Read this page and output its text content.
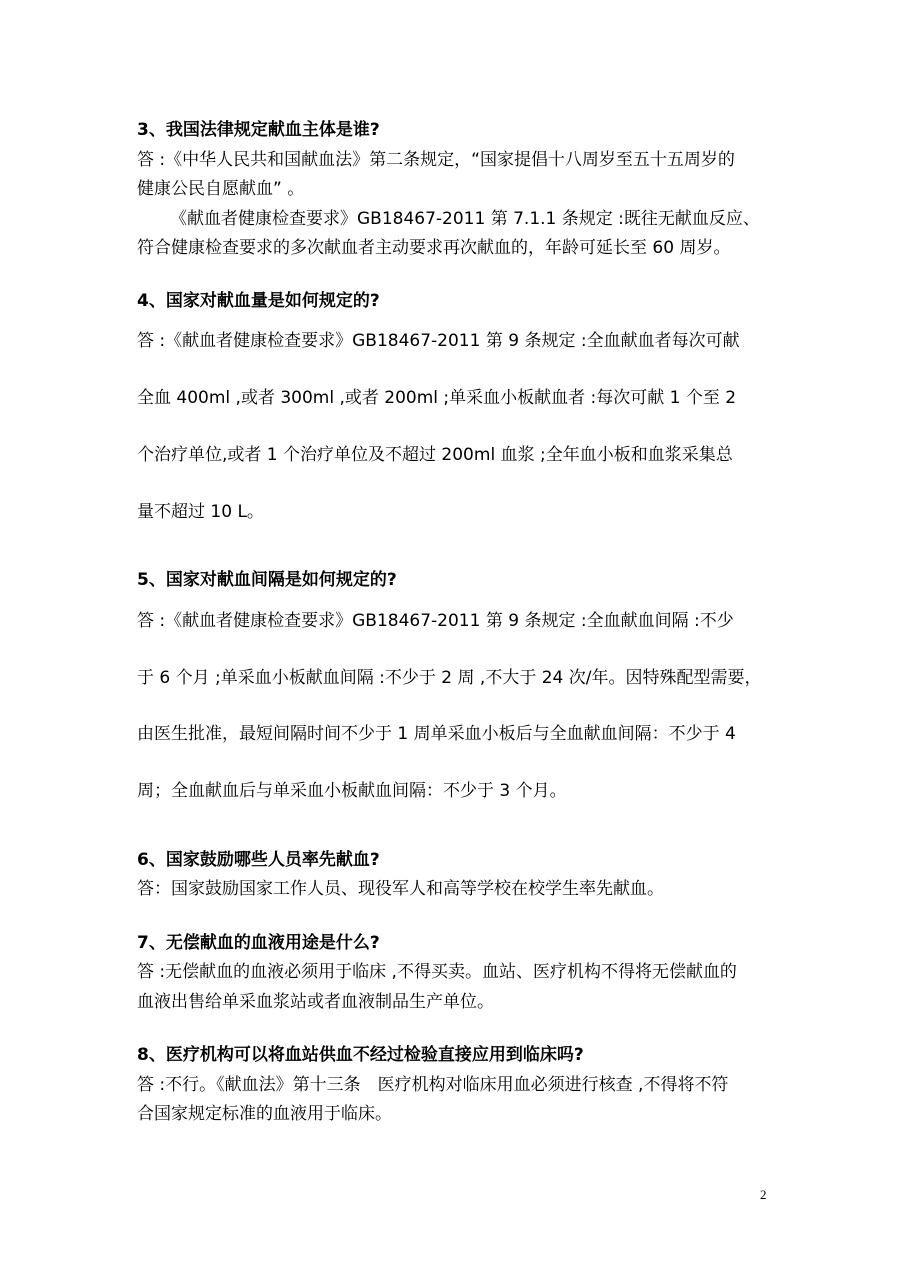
3、我国法律规定献血主体是谁?
答 :《中华人民共和国献血法》第二条规定，“国家提倡十八周岁至五十五周岁的
健康公民自愿献血” 。
《献血者健康检查要求》GB18467-2011 第 7.1.1 条规定 :既往无献血反应、
符合健康检查要求的多次献血者主动要求再次献血的，年龄可延长至 60 周岁。
4、国家对献血量是如何规定的?
答 :《献血者健康检查要求》GB18467-2011 第 9 条规定 :全血献血者每次可献
全血 400ml ,或者 300ml ,或者 200ml ;单采血小板献血者 :每次可献 1 个至 2
个治疗单位,或者 1 个治疗单位及不超过 200ml 血浆 ;全年血小板和血浆采集总
量不超过 10 L。
5、国家对献血间隔是如何规定的?
答 :《献血者健康检查要求》GB18467-2011 第 9 条规定 :全血献血间隔 :不少
于 6 个月 ;单采血小板献血间隔 :不少于 2 周 ,不大于 24 次/年。因特殊配型需要，
由医生批准，最短间隔时间不少于 1 周单采血小板后与全血献血间隔：不少于 4
周；全血献血后与单采血小板献血间隔：不少于 3 个月。
6、国家鼓励哪些人员率先献血?
答：国家鼓励国家工作人员、现役军人和高等学校在校学生率先献血。
7、无偿献血的血液用途是什么?
答 :无偿献血的血液必须用于临床 ,不得买卖。血站、医疗机构不得将无偿献血的
血液出售给单采血浆站或者血液制品生产单位。
8、医疗机构可以将血站供血不经过检验直接应用到临床吗?
答 :不行。《献血法》第十三条　医疗机构对临床用血必须进行核查 ,不得将不符
合国家规定标准的血液用于临床。
2
